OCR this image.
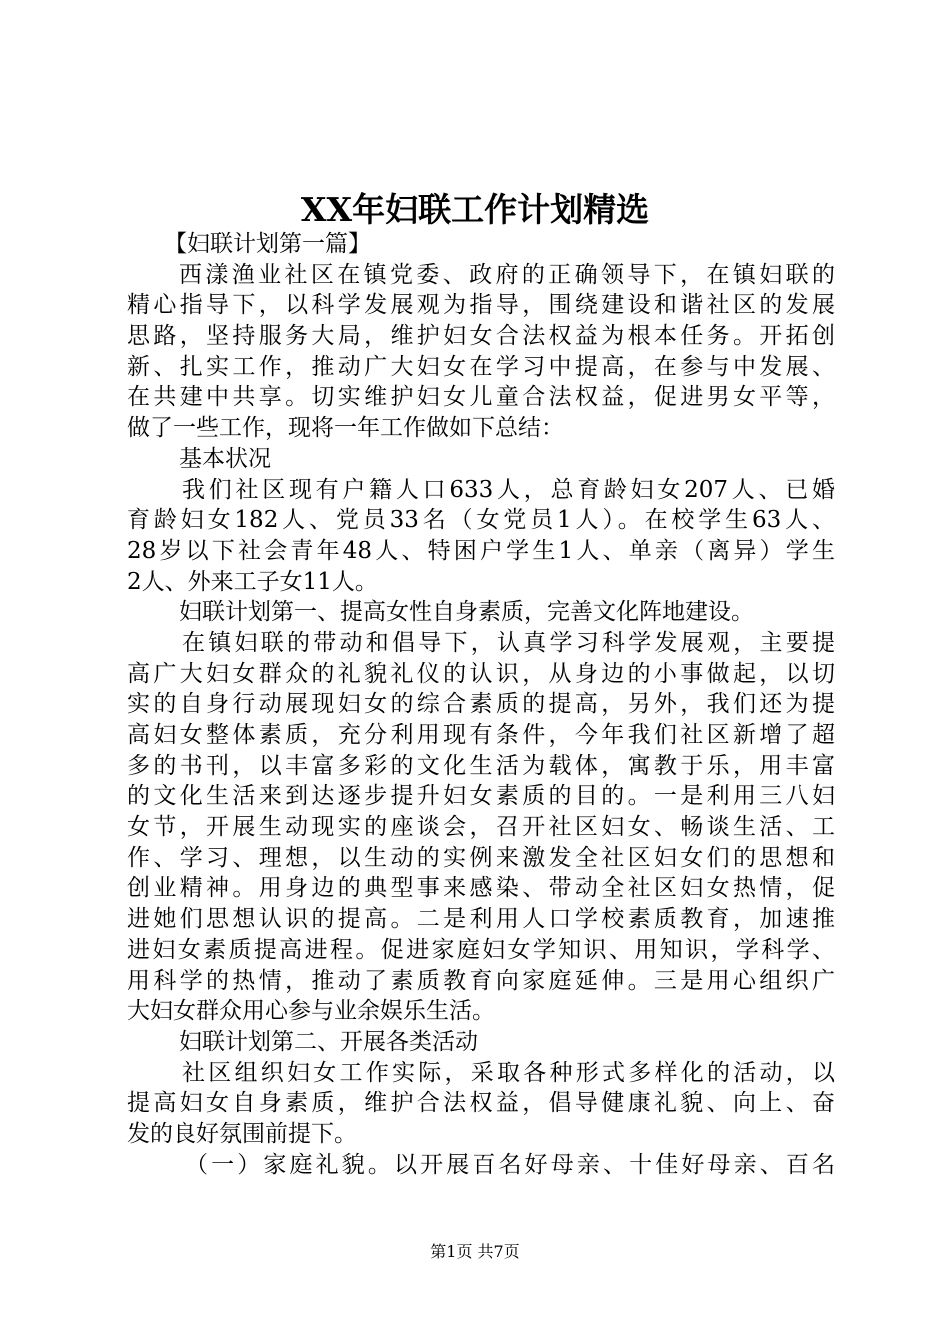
XX年妇联工作计划精选
【妇联计划第一篇】
西漾渔业社区在镇党委、政府的正确领导下，在镇妇联的
精心指导下，以科学发展观为指导，围绕建设和谐社区的发展
思路，坚持服务大局，维护妇女合法权益为根本任务。开拓创
新、扎实工作，推动广大妇女在学习中提高，在参与中发展、
在共建中共享。切实维护妇女儿童合法权益，促进男女平等，
做了一些工作，现将一年工作做如下总结：
基本状况
我们社区现有户籍人口633人，总育龄妇女207人、已婚
育龄妇女182人、党员33名（女党员1人）。在校学生63人、
28岁以下社会青年48人、特困户学生1人、单亲（离异）学生
2人、外来工子女11人。
妇联计划第一、提高女性自身素质，完善文化阵地建设。
在镇妇联的带动和倡导下，认真学习科学发展观，主要提
高广大妇女群众的礼貌礼仪的认识，从身边的小事做起，以切
实的自身行动展现妇女的综合素质的提高，另外，我们还为提
高妇女整体素质，充分利用现有条件，今年我们社区新增了超
多的书刊，以丰富多彩的文化生活为载体，寓教于乐，用丰富
的文化生活来到达逐步提升妇女素质的目的。一是利用三八妇
女节，开展生动现实的座谈会，召开社区妇女、畅谈生活、工
作、学习、理想，以生动的实例来激发全社区妇女们的思想和
创业精神。用身边的典型事来感染、带动全社区妇女热情，促
进她们思想认识的提高。二是利用人口学校素质教育，加速推
进妇女素质提高进程。促进家庭妇女学知识、用知识，学科学、
用科学的热情，推动了素质教育向家庭延伸。三是用心组织广
大妇女群众用心参与业余娱乐生活。
妇联计划第二、开展各类活动
社区组织妇女工作实际，采取各种形式多样化的活动，以
提高妇女自身素质，维护合法权益，倡导健康礼貌、向上、奋
发的良好氛围前提下。
（一）家庭礼貌。以开展百名好母亲、十佳好母亲、百名
第1页 共7页
